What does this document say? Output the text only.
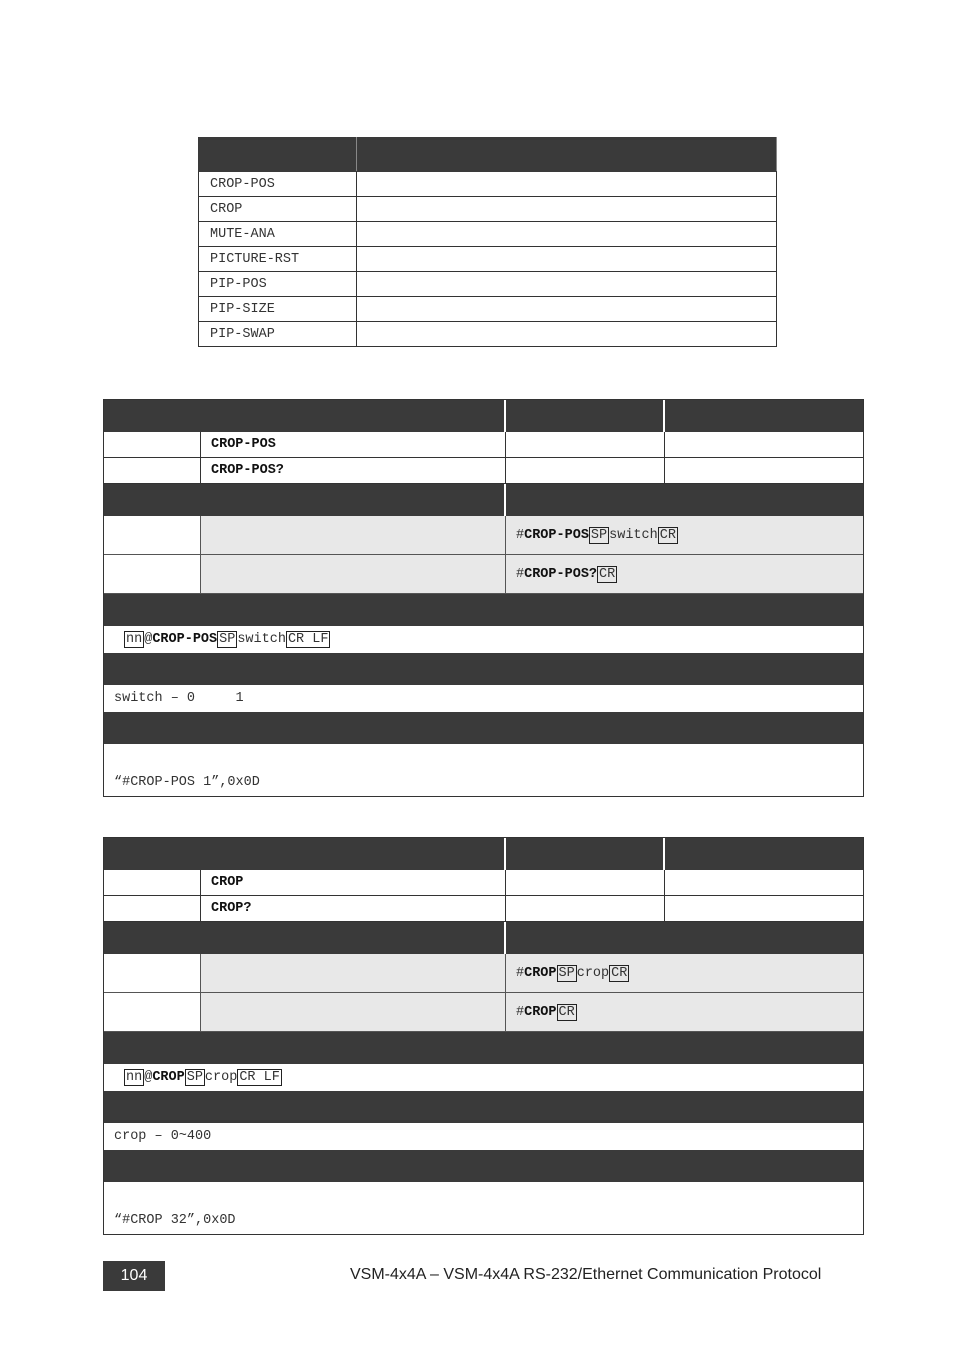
CROP-POS	
CROP	
MUTE-ANA	
PICTURE-RST	
PIP-POS	
PIP-SIZE	
PIP-SWAP	
CROP-POS
CROP-POS?
# CROP-POS SP switch CR
# CROP-POS? CR
nn @ CROP-POS SP switch CR LF
switch – 0     1
“#CROP-POS 1”,0x0D
CROP
CROP?
# CROP SP crop CR
# CROP CR
nn @ CROP SP crop CR LF
crop – 0~400
“#CROP 32”,0x0D
104	VSM-4x4A – VSM-4x4A RS-232/Ethernet Communication Protocol
